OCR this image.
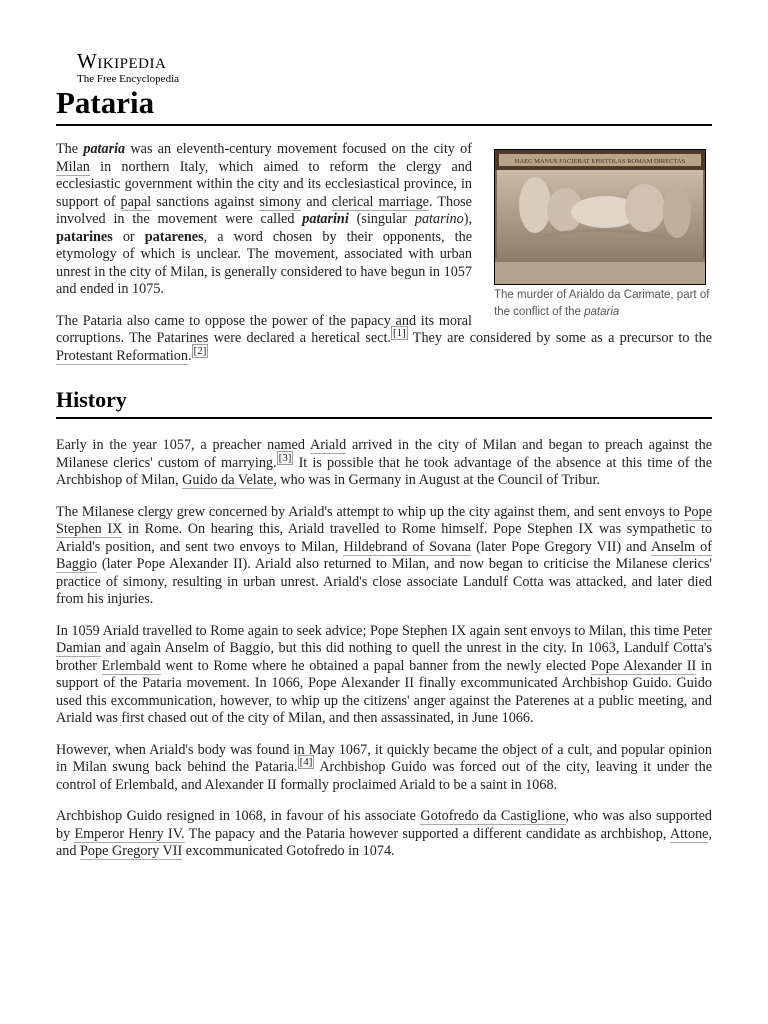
Wikipedia
The Free Encyclopedia
Pataria
HAEC MANUS FACIEBAT EPISTOLAS ROMAM DIRECTAS
The murder of Arialdo da Carimate, part of the conflict of the pataria

The pataria was an eleventh-century movement focused on the city of Milan in northern Italy, which aimed to reform the clergy and ecclesiastic government within the city and its ecclesiastical province, in support of papal sanctions against simony and clerical marriage. Those involved in the movement were called patarini (singular patarino), patarines or patarenes, a word chosen by their opponents, the etymology of which is unclear. The movement, associated with urban unrest in the city of Milan, is generally considered to have begun in 1057 and ended in 1075.

The Pataria also came to oppose the power of the papacy and its moral corruptions. The Patarines were declared a heretical sect. [1] They are considered by some as a precursor to the Protestant Reformation. [2]

History

Early in the year 1057, a preacher named Ariald arrived in the city of Milan and began to preach against the Milanese clerics' custom of marrying. [3] It is possible that he took advantage of the absence at this time of the Archbishop of Milan, Guido da Velate, who was in Germany in August at the Council of Tribur.

The Milanese clergy grew concerned by Ariald's attempt to whip up the city against them, and sent envoys to Pope Stephen IX in Rome. On hearing this, Ariald travelled to Rome himself. Pope Stephen IX was sympathetic to Ariald's position, and sent two envoys to Milan, Hildebrand of Sovana (later Pope Gregory VII) and Anselm of Baggio (later Pope Alexander II). Ariald also returned to Milan, and now began to criticise the Milanese clerics' practice of simony, resulting in urban unrest. Ariald's close associate Landulf Cotta was attacked, and later died from his injuries.

In 1059 Ariald travelled to Rome again to seek advice; Pope Stephen IX again sent envoys to Milan, this time Peter Damian and again Anselm of Baggio, but this did nothing to quell the unrest in the city. In 1063, Landulf Cotta's brother Erlembald went to Rome where he obtained a papal banner from the newly elected Pope Alexander II in support of the Pataria movement. In 1066, Pope Alexander II finally excommunicated Archbishop Guido. Guido used this excommunication, however, to whip up the citizens' anger against the Paterenes at a public meeting, and Ariald was first chased out of the city of Milan, and then assassinated, in June 1066.

However, when Ariald's body was found in May 1067, it quickly became the object of a cult, and popular opinion in Milan swung back behind the Pataria. [4] Archbishop Guido was forced out of the city, leaving it under the control of Erlembald, and Alexander II formally proclaimed Ariald to be a saint in 1068.

Archbishop Guido resigned in 1068, in favour of his associate Gotofredo da Castiglione, who was also supported by Emperor Henry IV. The papacy and the Pataria however supported a different candidate as archbishop, Attone, and Pope Gregory VII excommunicated Gotofredo in 1074.
